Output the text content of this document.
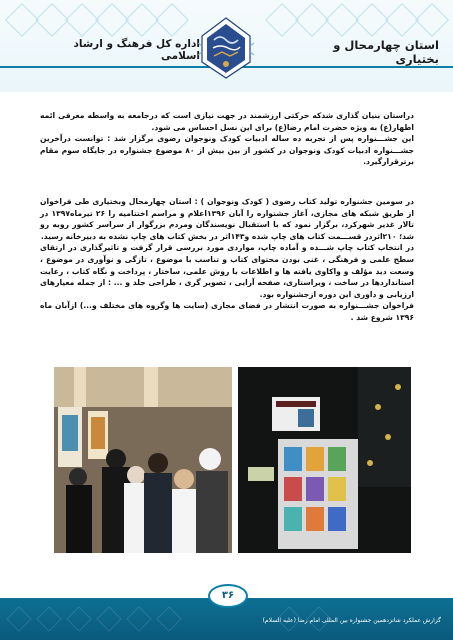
استان چهارمحال و بختیاری
اداره کل فرهنگ و ارشاد اسلامی

دراستان بنیان گذاری شدکه حرکتی ارزشمند در جهت نیازی است که درجامعه به واسطه معرفی ائمه اطهار(ع) به ویژه حضرت امام رضا(ع) برای این نسل احساس می شود.

این جشـــنواره پس از تجربه ده ساله ادبیات کودک ونوجوان رضوی برگزار شد : توانست درآخرین جشـــنواره ادبیات کودک ونوجوان در کشور از بین بیش از ۸۰ موضوع جشنواره در جایگاه سوم مقام برترقرارگیرد.

در سومین جشنواره تولید کتاب رضوی ( کودک ونوجوان ) : استان چهارمحال وبختیاری طی فراخوان از طریق شبکه های مجازی، آغاز جشنواره را آبان ۱۳۹۶اعلام و مراسم اختتامیه را ۲۶ تیرماه۱۳۹۷ در تالار غدیر شهرکرد، برگزار نمود که با استقبال نویسندگان ومردم بزرگوار از سراسر کشور روبه رو شد؛ ۲۱۰اثردر قســـمت کتاب های چاپ شده و۱۴۳اثر در بخش کتاب های چاپ نشده به دبیرخانه رسید.

در انتخاب کتاب چاپ شـــده و آماده چاپ، مواردی مورد بررسی قرار گرفت و تاثیرگذاری در ارتقای سطح علمی و فرهنگی ، غنی بودن محتوای کتاب و تناسب با موضوع ، تازگی و نوآوری در موضوع ، وسعت دید مؤلف و واکاوی یافته ها و اطلاعات با روش علمی، ساختار ، پرداخت و نگاه کتاب ، رعایت استانداردها در ساخت ، ویراستاری، صفحه آرایی ، تصویر گری ، طراحی جلد و ... : از جمله معیارهای ارزیابی و داوری این دوره ازجشنواره بود.

فراخوان جشـــنواره به صورت انتشار در فضای مجازی (سایت ها وگروه های مختلف و...) ازآبان ماه ۱۳۹۶ شروع شد .

۳۶
گزارش عملکرد شانزدهمین جشنواره بین المللی امام رضا (علیه السلام)
